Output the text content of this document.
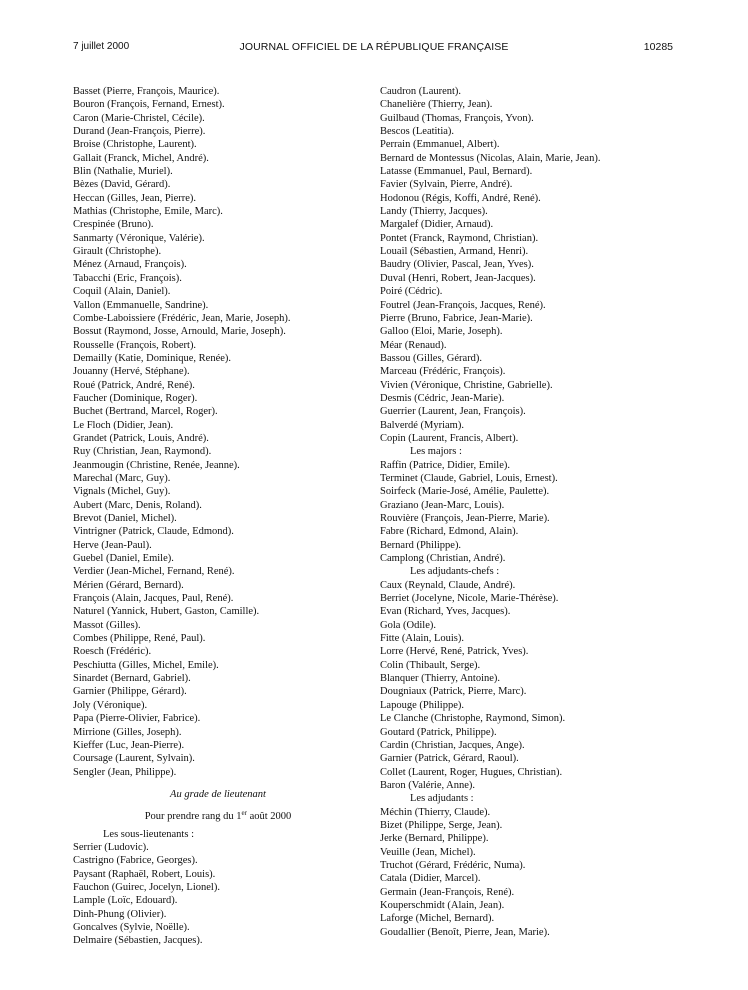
7 juillet 2000	JOURNAL OFFICIEL DE LA RÉPUBLIQUE FRANÇAISE	10285
Basset (Pierre, François, Maurice).
Bouron (François, Fernand, Ernest).
Caron (Marie-Christel, Cécile).
Durand (Jean-François, Pierre).
Broise (Christophe, Laurent).
Gallait (Franck, Michel, André).
Blin (Nathalie, Muriel).
Bèzes (David, Gérard).
Heccan (Gilles, Jean, Pierre).
Mathias (Christophe, Emile, Marc).
Crespinée (Bruno).
Sanmarty (Véronique, Valérie).
Girault (Christophe).
Ménez (Arnaud, François).
Tabacchi (Eric, François).
Coquil (Alain, Daniel).
Vallon (Emmanuelle, Sandrine).
Combe-Laboissiere (Frédéric, Jean, Marie, Joseph).
Bossut (Raymond, Josse, Arnould, Marie, Joseph).
Rousselle (François, Robert).
Demailly (Katie, Dominique, Renée).
Jouanny (Hervé, Stéphane).
Roué (Patrick, André, René).
Faucher (Dominique, Roger).
Buchet (Bertrand, Marcel, Roger).
Le Floch (Didier, Jean).
Grandet (Patrick, Louis, André).
Ruy (Christian, Jean, Raymond).
Jeanmougin (Christine, Renée, Jeanne).
Marechal (Marc, Guy).
Vignals (Michel, Guy).
Aubert (Marc, Denis, Roland).
Brevot (Daniel, Michel).
Vintrigner (Patrick, Claude, Edmond).
Herve (Jean-Paul).
Guebel (Daniel, Emile).
Verdier (Jean-Michel, Fernand, René).
Mérien (Gérard, Bernard).
François (Alain, Jacques, Paul, René).
Naturel (Yannick, Hubert, Gaston, Camille).
Massot (Gilles).
Combes (Philippe, René, Paul).
Roesch (Frédéric).
Peschiutta (Gilles, Michel, Emile).
Sinardet (Bernard, Gabriel).
Garnier (Philippe, Gérard).
Joly (Véronique).
Papa (Pierre-Olivier, Fabrice).
Mirrione (Gilles, Joseph).
Kieffer (Luc, Jean-Pierre).
Coursage (Laurent, Sylvain).
Sengler (Jean, Philippe).
Au grade de lieutenant
Pour prendre rang du 1er août 2000
Les sous-lieutenants :
Serrier (Ludovic).
Castrigno (Fabrice, Georges).
Paysant (Raphaël, Robert, Louis).
Fauchon (Guirec, Jocelyn, Lionel).
Lample (Loïc, Edouard).
Dinh-Phung (Olivier).
Goncalves (Sylvie, Noëlle).
Delmaire (Sébastien, Jacques).
Caudron (Laurent).
Chanelière (Thierry, Jean).
Guilbaud (Thomas, François, Yvon).
Bescos (Leatitia).
Perrain (Emmanuel, Albert).
Bernard de Montessus (Nicolas, Alain, Marie, Jean).
Latasse (Emmanuel, Paul, Bernard).
Favier (Sylvain, Pierre, André).
Hodonou (Régis, Koffi, André, René).
Landy (Thierry, Jacques).
Margalef (Didier, Arnaud).
Pontet (Franck, Raymond, Christian).
Louail (Sébastien, Armand, Henri).
Baudry (Olivier, Pascal, Jean, Yves).
Duval (Henri, Robert, Jean-Jacques).
Poiré (Cédric).
Foutrel (Jean-François, Jacques, René).
Pierre (Bruno, Fabrice, Jean-Marie).
Galloo (Eloi, Marie, Joseph).
Méar (Renaud).
Bassou (Gilles, Gérard).
Marceau (Frédéric, François).
Vivien (Véronique, Christine, Gabrielle).
Desmis (Cédric, Jean-Marie).
Guerrier (Laurent, Jean, François).
Balverdé (Myriam).
Copin (Laurent, Francis, Albert).
Les majors :
Raffin (Patrice, Didier, Emile).
Terminet (Claude, Gabriel, Louis, Ernest).
Soirfeck (Marie-José, Amélie, Paulette).
Graziano (Jean-Marc, Louis).
Rouvière (François, Jean-Pierre, Marie).
Fabre (Richard, Edmond, Alain).
Bernard (Philippe).
Camplong (Christian, André).
Les adjudants-chefs :
Caux (Reynald, Claude, André).
Berriet (Jocelyne, Nicole, Marie-Thérèse).
Evan (Richard, Yves, Jacques).
Gola (Odile).
Fitte (Alain, Louis).
Lorre (Hervé, René, Patrick, Yves).
Colin (Thibault, Serge).
Blanquer (Thierry, Antoine).
Dougniaux (Patrick, Pierre, Marc).
Lapouge (Philippe).
Le Clanche (Christophe, Raymond, Simon).
Goutard (Patrick, Philippe).
Cardin (Christian, Jacques, Ange).
Garnier (Patrick, Gérard, Raoul).
Collet (Laurent, Roger, Hugues, Christian).
Baron (Valérie, Anne).
Les adjudants :
Méchin (Thierry, Claude).
Bizet (Philippe, Serge, Jean).
Jerke (Bernard, Philippe).
Veuille (Jean, Michel).
Truchot (Gérard, Frédéric, Numa).
Catala (Didier, Marcel).
Germain (Jean-François, René).
Kouperschmidt (Alain, Jean).
Laforge (Michel, Bernard).
Goudallier (Benoît, Pierre, Jean, Marie).
